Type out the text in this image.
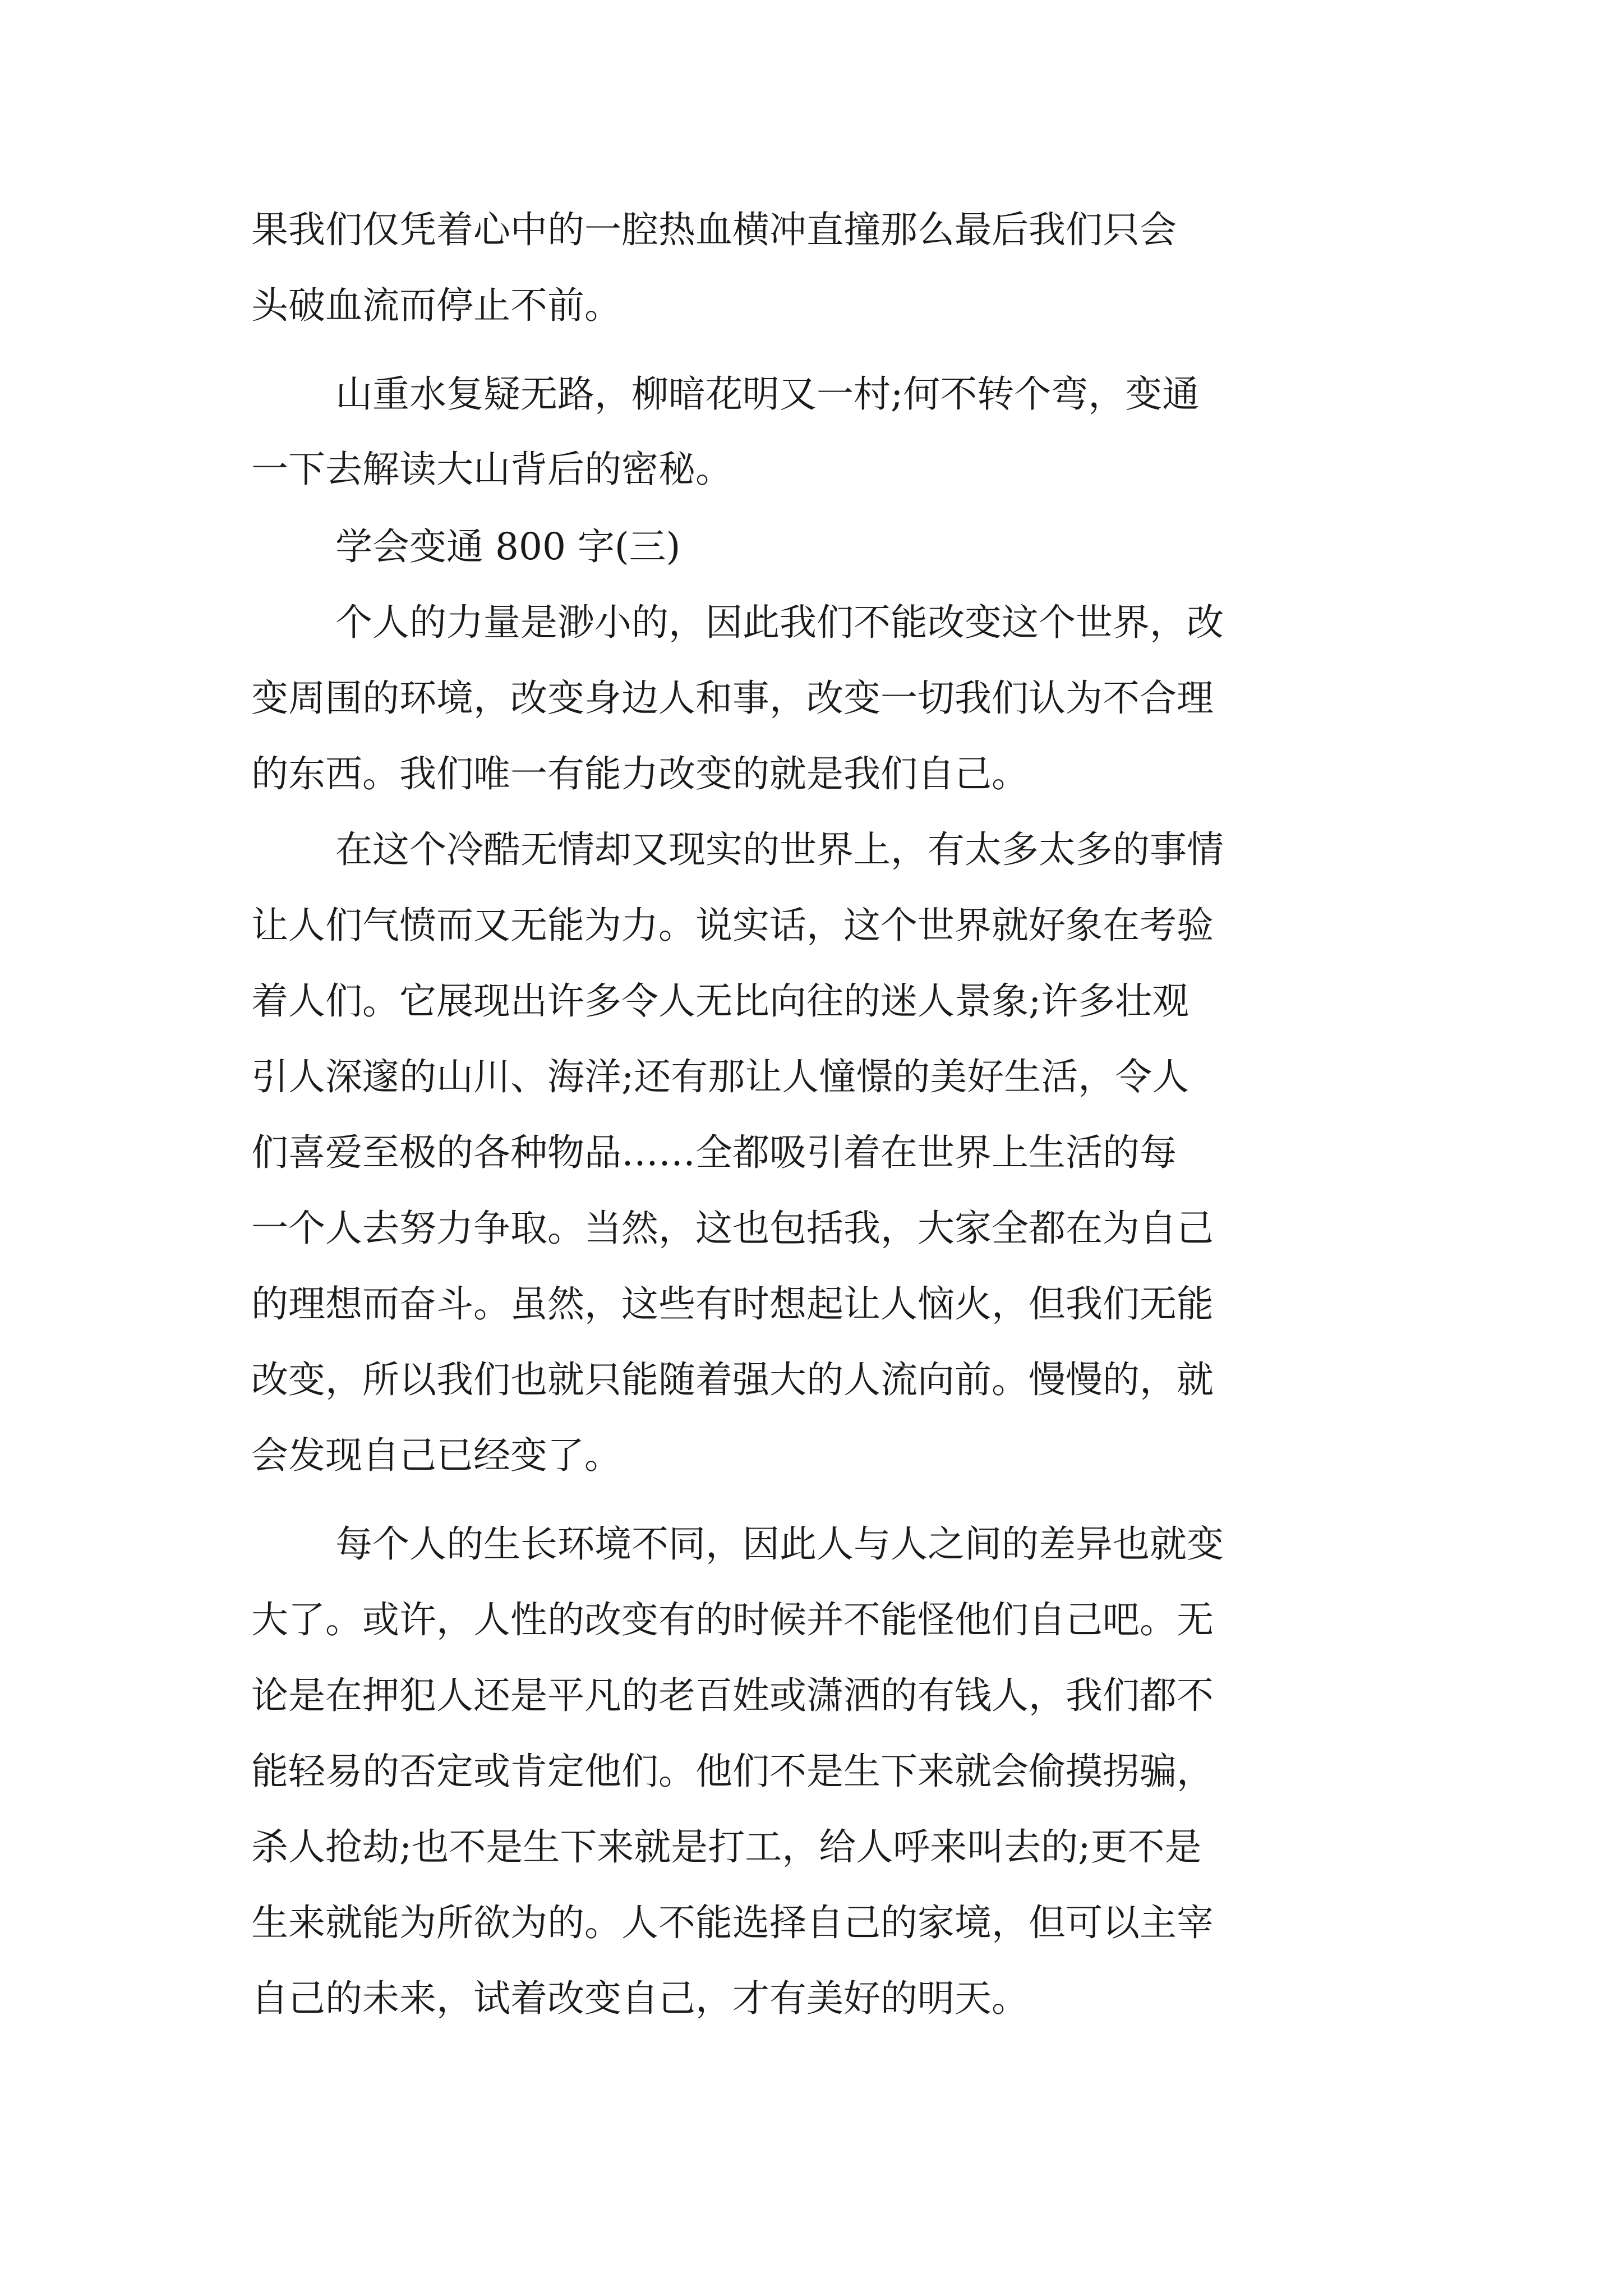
果我们仅凭着心中的一腔热血横冲直撞那么最后我们只会
头破血流而停止不前。
山重水复疑无路，柳暗花明又一村;何不转个弯，变通
一下去解读大山背后的密秘。
学会变通 800 字(三)
个人的力量是渺小的，因此我们不能改变这个世界，改
变周围的环境，改变身边人和事，改变一切我们认为不合理
的东西。我们唯一有能力改变的就是我们自己。
在这个冷酷无情却又现实的世界上，有太多太多的事情
让人们气愤而又无能为力。说实话，这个世界就好象在考验
着人们。它展现出许多令人无比向往的迷人景象;许多壮观
引人深邃的山川、海洋;还有那让人憧憬的美好生活，令人
们喜爱至极的各种物品……全都吸引着在世界上生活的每
一个人去努力争取。当然，这也包括我，大家全都在为自己
的理想而奋斗。虽然，这些有时想起让人恼火，但我们无能
改变，所以我们也就只能随着强大的人流向前。慢慢的，就
会发现自己已经变了。
每个人的生长环境不同，因此人与人之间的差异也就变
大了。或许，人性的改变有的时候并不能怪他们自己吧。无
论是在押犯人还是平凡的老百姓或潇洒的有钱人，我们都不
能轻易的否定或肯定他们。他们不是生下来就会偷摸拐骗，
杀人抢劫;也不是生下来就是打工，给人呼来叫去的;更不是
生来就能为所欲为的。人不能选择自己的家境，但可以主宰
自己的未来，试着改变自己，才有美好的明天。
